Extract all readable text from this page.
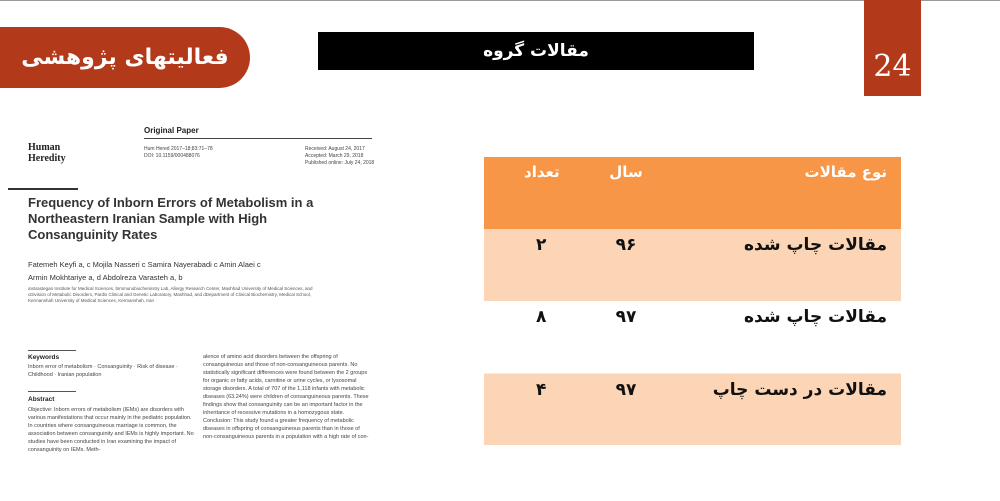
فعالیتهای پژوهشی	مقالات گروه	24
Human
Heredity
Original Paper
Hum Hered 2017–18;83:71–78
DOI: 10.1159/000488076
Received: August 24, 2017
Accepted: March 29, 2018
Published online: July 24, 2018
Frequency of Inborn Errors of Metabolism in a Northeastern Iranian Sample with High Consanguinity Rates
Fatemeh Keyfi a, c Mojila Nasseri c Samira Nayerabadi c Amin Alaei c
Armin Mokhtariye a, d Abdolreza Varasteh a, b
aVarastegan Institute for Medical Sciences, bImmunobiochemistry Lab, Allergy Research Center, Mashhad University of Medical Sciences, and cDivision of Metabolic Disorders, Pardis Clinical and Genetic Laboratory, Mashhad, and dDepartment of Clinical Biochemistry, Medical School, Kermanshah University of Medical Sciences, Kermanshah, Iran
Keywords
Inborn error of metabolism · Consanguinity · Risk of disease · Childhood · Iranian population
Abstract
Objective: Inborn errors of metabolism (IEMs) are disorders with various manifestations that occur mainly in the pediatric population. In countries where consanguineous marriage is common, the association between consanguinity and IEMs is highly important. No studies have been conducted in Iran examining the impact of consanguinity on IEMs. Meth-
alence of amino acid disorders between the offspring of consanguineous and those of non-consanguineous parents. No statistically significant differences were found between the 2 groups for organic or fatty acids, carnitine or urine cycles, or lysosomal storage disorders. A total of 707 of the 1,118 infants with metabolic diseases (63.24%) were children of consanguineous parents. These findings show that consanguinity can be an important factor in the inheritance of recessive mutations in a homozygous state. Conclusion: This study found a greater frequency of metabolic diseases in offspring of consanguineous parents than in those of non-consanguineous parents in a population with a high rate of con-
نوع مقالات	سال	تعداد
مقالات چاپ شده	۹۶	۲
مقالات چاپ شده	۹۷	۸
مقالات در دست چاپ	۹۷	۴
